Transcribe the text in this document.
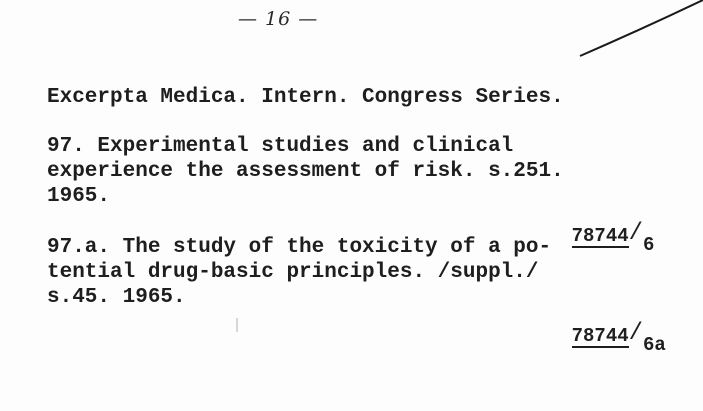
— 16 —
Excerpta Medica. Intern. Congress Series.
97. Experimental studies and clinical
experience the assessment of risk. s.251.
1965.

78744/6

97.a. The study of the toxicity of a po-
tential drug-basic principles. /suppl./
s.45. 1965.

78744/6a
